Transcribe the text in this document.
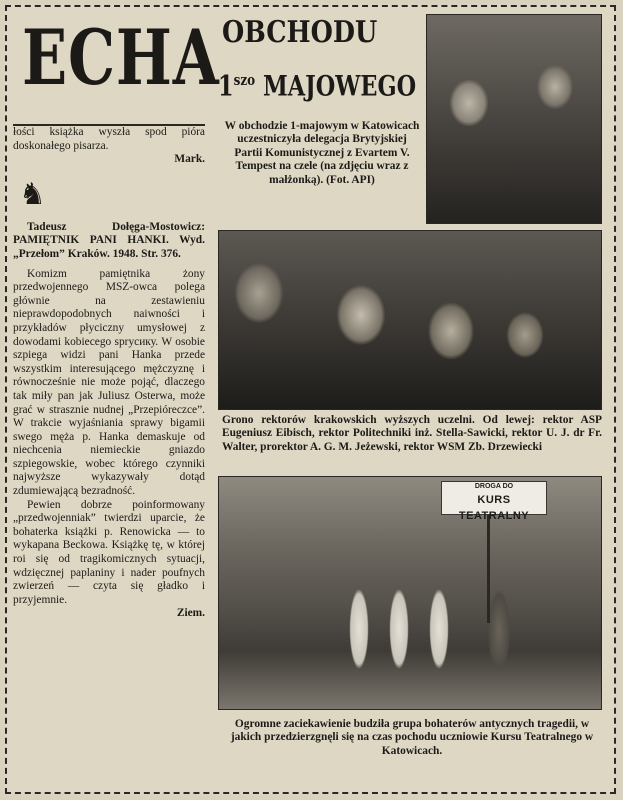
ECHA OBCHODU
$1^{szo}$ MAJOWEGO

łości książka wyszła spod pióra doskonałego pisarza.

Mark.

♞

Tadeusz Dołęga-Mostowicz: PAMIĘTNIK PANI HANKI. Wyd. „Przełom” Kraków. 1948. Str. 376.

Komizm pamiętnika żony przedwojennego MSZ-owca polega głównie na zestawieniu nieprawdopodobnych naiwności i przykładów płyciczny umysłowej z dowodami kobiecego sprycику. W osobie szpiega widzi pani Hanka przede wszystkim interesującego mężczyznę i równocześnie nie może pojąć, dlaczego tak miły pan jak Juliusz Osterwa, może grać w strasznie nudnej „Przepióreczce”. W trakcie wyjaśniania sprawy bigamii swego męża p. Hanka demaskuje od niechcenia niemieckie gniazdo szpiegowskie, wobec którego czynniki najwyższe wykazywały dotąd zdumiewającą bezradność.

Pewien dobrze poinformowany „przedwojenniak” twierdzi uparcie, że bohaterka książki p. Renowicka — to wykapana Beckowa. Książkę tę, w której roi się od tragikomicznych sytuacji, wdzięcznej paplaniny i nader poufnych zwierzeń — czyta się gładko i przyjemnie.

Ziem.

W obchodzie 1-majowym w Katowicach uczestniczyła delegacja Brytyjskiej Partii Komunistycznej z Evartem V. Tempest na czele (na zdjęciu wraz z małżonką). (Fot. API)

Grono rektorów krakowskich wyższych uczelni. Od lewej: rektor ASP Eugeniusz Eibisch, rektor Politechniki inż. Stella-Sawicki, rektor U. J. dr Fr. Walter, prorektor A. G. M. Jeżewski, rektor WSM Zb. Drzewiecki

DROGA DO
KURS TEATRALNY

Ogromne zaciekawienie budziła grupa bohaterów antycznych tragedii, w jakich przedzierzgnęli się na czas pochodu uczniowie Kursu Teatralnego w Katowicach.
